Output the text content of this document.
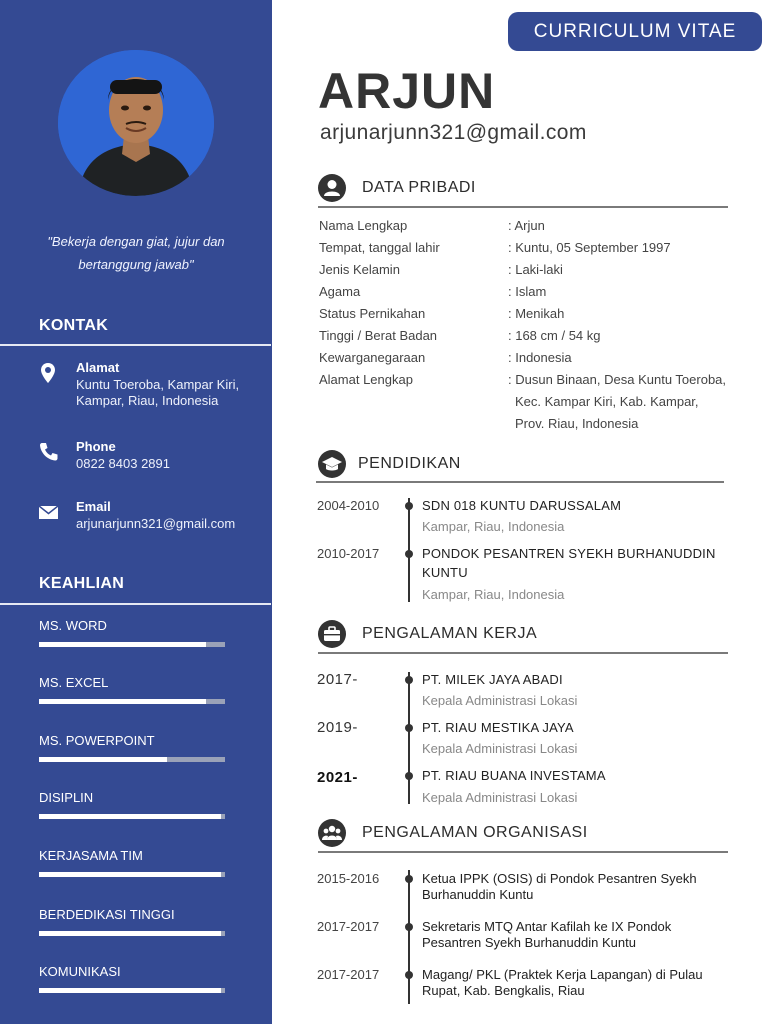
"Bekerja dengan giat, jujur dan
bertanggung jawab"
KONTAK
Alamat
Kuntu Toeroba, Kampar Kiri,
Kampar, Riau, Indonesia
Phone
0822 8403 2891
Email
arjunarjunn321@gmail.com
KEAHLIAN
MS. WORD
MS. EXCEL
MS. POWERPOINT
DISIPLIN
KERJASAMA TIM
BERDEDIKASI TINGGI
KOMUNIKASI
CURRICULUM VITAE
ARJUN
arjunarjunn321@gmail.com
DATA PRIBADI
Nama Lengkap	: Arjun
Tempat, tanggal lahir	: Kuntu, 05 September 1997
Jenis Kelamin	: Laki-laki
Agama	: Islam
Status Pernikahan	: Menikah
Tinggi / Berat Badan	: 168 cm / 54 kg
Kewarganegaraan	: Indonesia
Alamat Lengkap	: Dusun Binaan, Desa Kuntu Toeroba,
Kec. Kampar Kiri, Kab. Kampar,
Prov. Riau, Indonesia
PENDIDIKAN
2004-2010	SDN 018 KUNTU DARUSSALAM
Kampar, Riau, Indonesia
2010-2017	PONDOK PESANTREN SYEKH BURHANUDDIN KUNTU
Kampar, Riau, Indonesia
PENGALAMAN KERJA
2017-	PT. MILEK JAYA ABADI
Kepala Administrasi Lokasi
2019-	PT. RIAU MESTIKA JAYA
Kepala Administrasi Lokasi
2021-	PT. RIAU BUANA INVESTAMA
Kepala Administrasi Lokasi
PENGALAMAN ORGANISASI
2015-2016	Ketua IPPK (OSIS) di Pondok Pesantren Syekh Burhanuddin Kuntu
2017-2017	Sekretaris MTQ Antar Kafilah ke IX Pondok Pesantren Syekh Burhanuddin Kuntu
2017-2017	Magang/ PKL (Praktek Kerja Lapangan) di Pulau Rupat, Kab. Bengkalis, Riau
